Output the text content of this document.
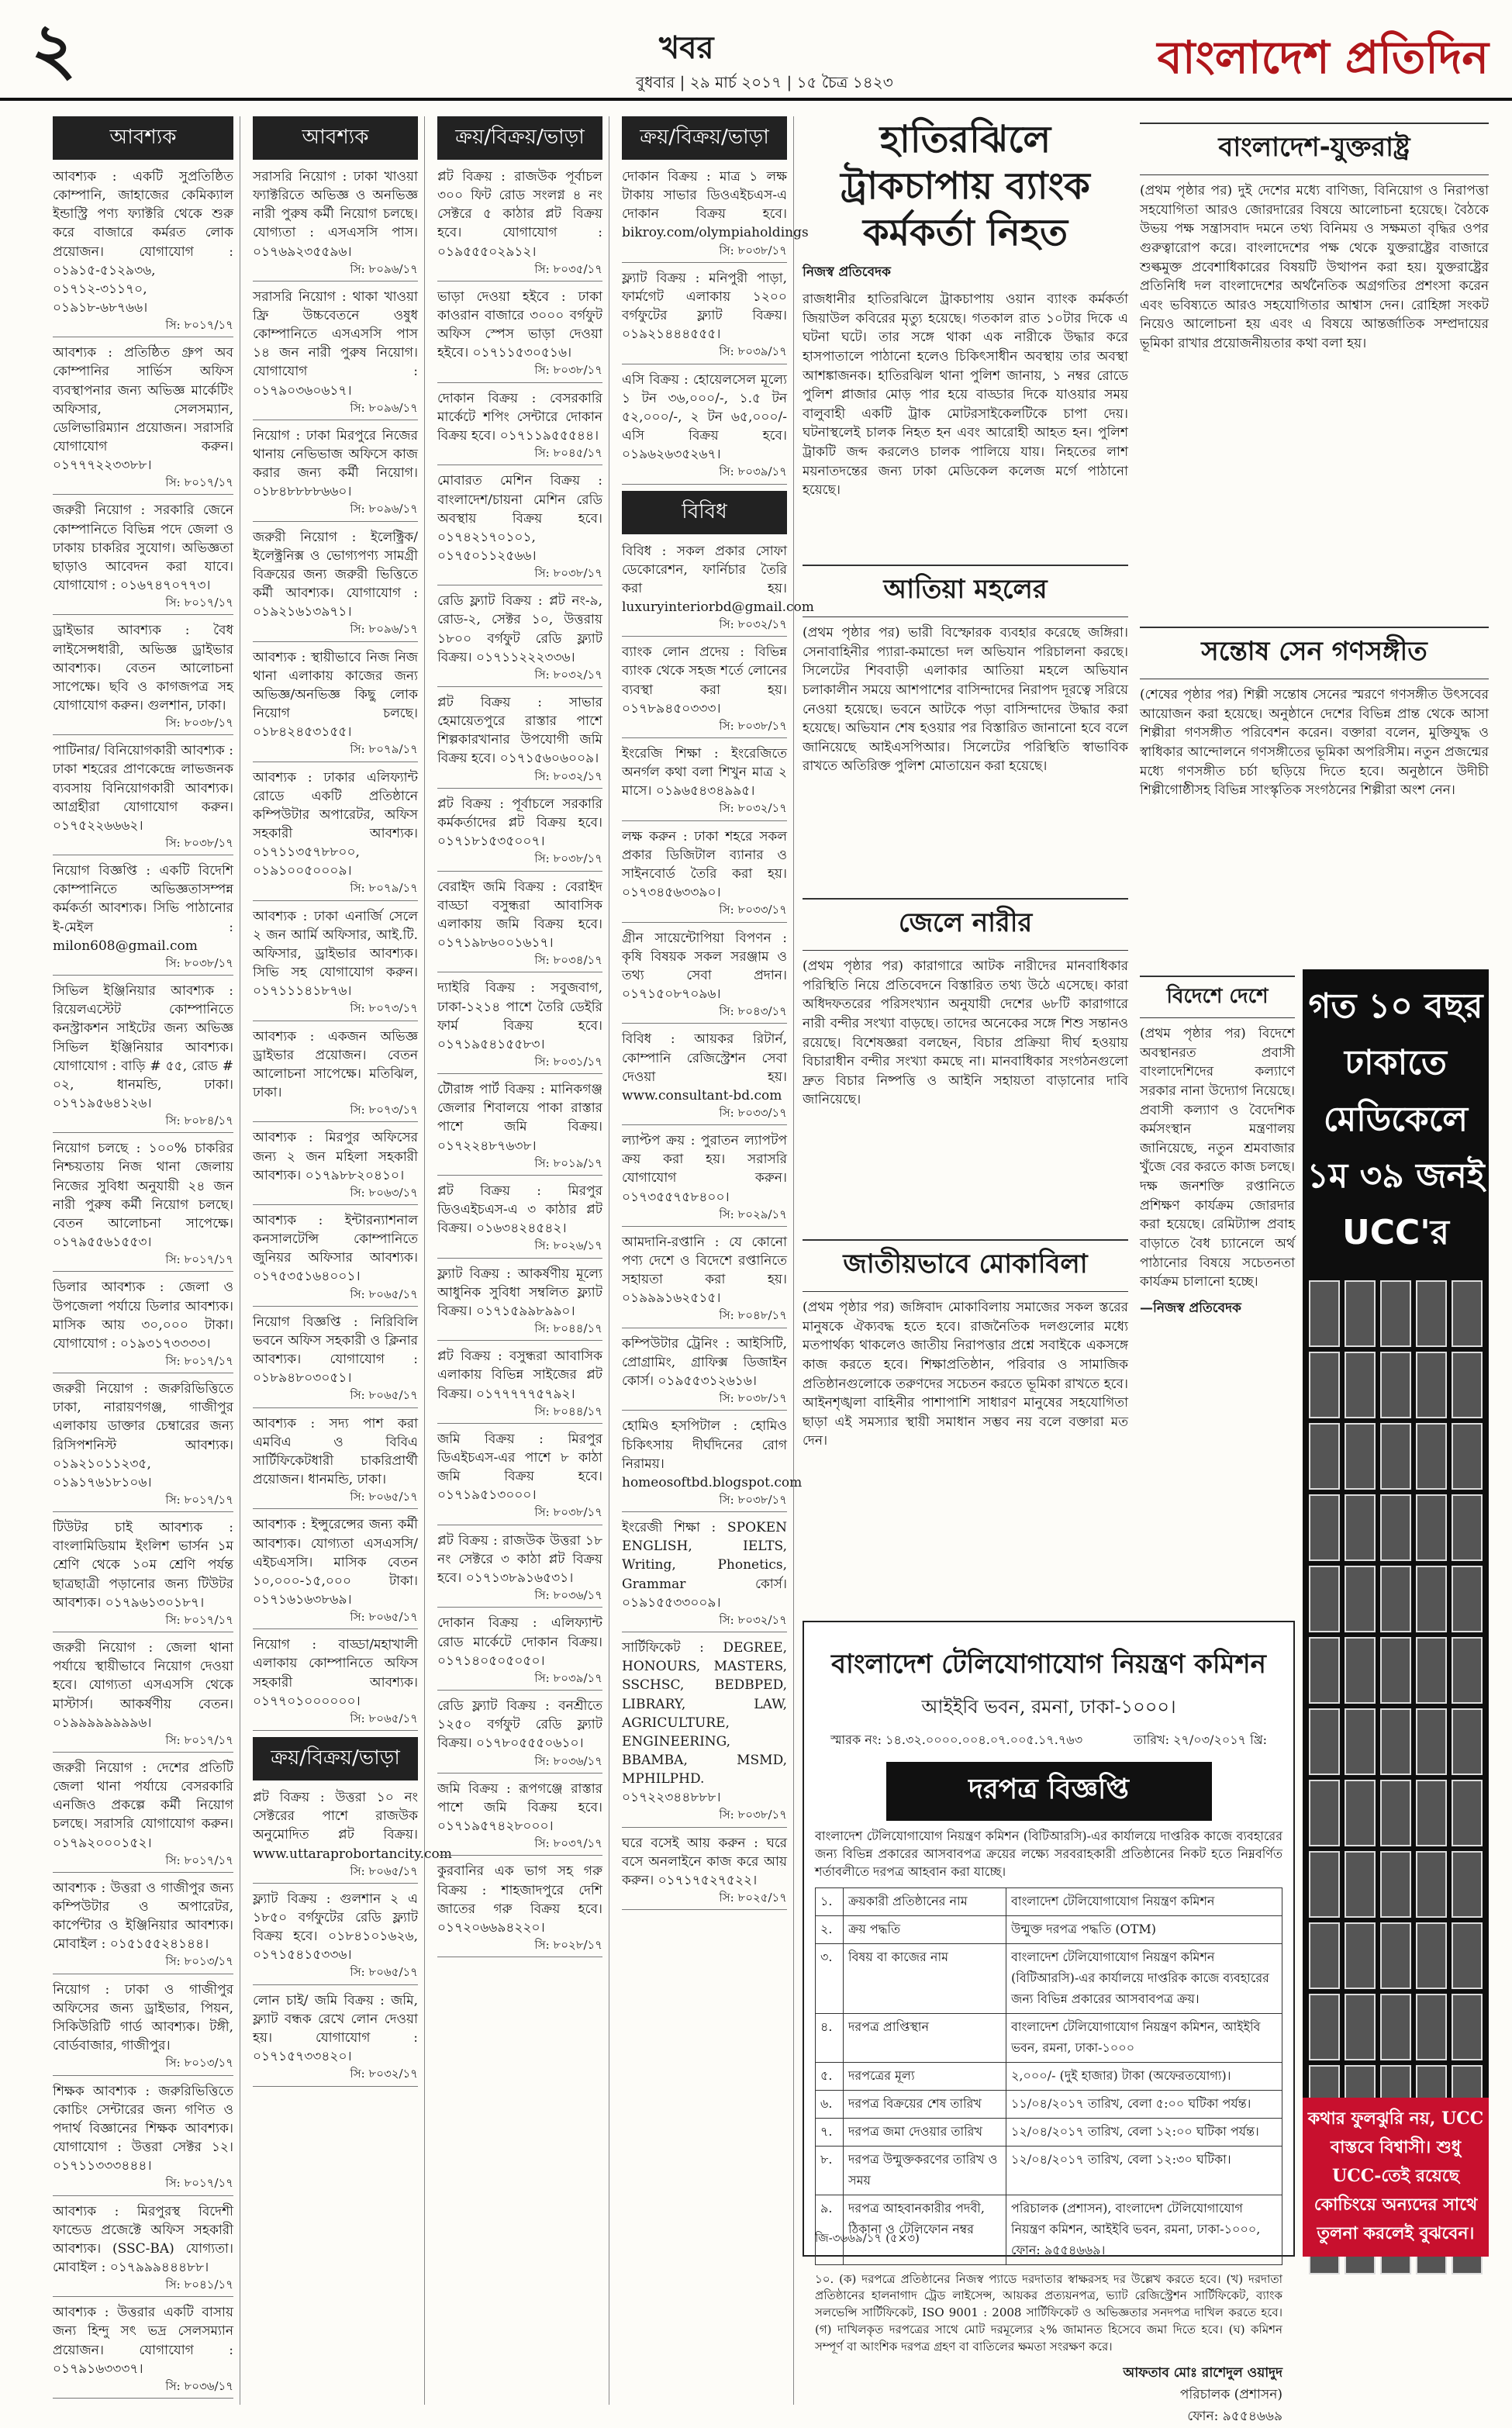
২	খবর
বুধবার | ২৯ মার্চ ২০১৭ | ১৫ চৈত্র ১৪২৩	বাংলাদেশ প্রতিদিন
আবশ্যক
আবশ্যক : একটি সুপ্রতিষ্ঠিত কোম্পানি, জাহাজের কেমিক্যাল ইন্ডাস্ট্রি পণ্য ফ্যাক্টরি থেকে শুরু করে বাজারে কর্মরত লোক প্রয়োজন। যোগাযোগ : ০১৯১৫-৫১২৯৩৬, ০১৭১২-৩১১৭০, ০১৯১৮-৬৮৭৬৬।
সি: ৮০১৭/১৭
আবশ্যক : প্রতিষ্ঠিত গ্রুপ অব কোম্পানির সার্ভিস অফিস ব্যবস্থাপনার জন্য অভিজ্ঞ মার্কেটিং অফিসার, সেলসম্যান, ডেলিভারিম্যান প্রয়োজন। সরাসরি যোগাযোগ করুন। ০১৭৭৭২২৩৩৮৮।
সি: ৮০১৭/১৭
জরুরী নিয়োগ : সরকারি জেনে কোম্পানিতে বিভিন্ন পদে জেলা ও ঢাকায় চাকরির সুযোগ। অভিজ্ঞতা ছাড়াও আবেদন করা যাবে। যোগাযোগ : ০১৬৭৪৭০৭৭৩।
সি: ৮০১৭/১৭
ড্রাইভার আবশ্যক : বৈধ লাইসেন্সধারী, অভিজ্ঞ ড্রাইভার আবশ্যক। বেতন আলোচনা সাপেক্ষে। ছবি ও কাগজপত্র সহ যোগাযোগ করুন। গুলশান, ঢাকা।
সি: ৮০৩৮/১৭
পাটিনার/ বিনিয়োগকারী আবশ্যক : ঢাকা শহরের প্রাণকেন্দ্রে লাভজনক ব্যবসায় বিনিয়োগকারী আবশ্যক। আগ্রহীরা যোগাযোগ করুন। ০১৭৫২২৬৬৬২।
সি: ৮০৩৮/১৭
নিয়োগ বিজ্ঞপ্তি : একটি বিদেশি কোম্পানিতে অভিজ্ঞতাসম্পন্ন কর্মকর্তা আবশ্যক। সিভি পাঠানোর ই-মেইল : milon608@gmail.com
সি: ৮০৩৮/১৭
সিভিল ইঞ্জিনিয়ার আবশ্যক : রিয়েলএস্টেট কোম্পানিতে কনস্ট্রাকশন সাইটের জন্য অভিজ্ঞ সিভিল ইঞ্জিনিয়ার আবশ্যক। যোগাযোগ : বাড়ি # ৫৫, রোড # ০২, ধানমন্ডি, ঢাকা। ০১৭১৯৫৬৪১২৬।
সি: ৮০৮৪/১৭
নিয়োগ চলছে : ১০০% চাকরির নিশ্চয়তায় নিজ থানা জেলায় নিজের সুবিধা অনুযায়ী ২৪ জন নারী পুরুষ কর্মী নিয়োগ চলছে। বেতন আলোচনা সাপেক্ষে। ০১৭৯৫৫৬১৫৫৩।
সি: ৮০১৭/১৭
ডিলার আবশ্যক : জেলা ও উপজেলা পর্যায়ে ডিলার আবশ্যক। মাসিক আয় ৩০,০০০ টাকা। যোগাযোগ : ০১৯৩১৭৩৩৩৩।
সি: ৮০১৭/১৭
জরুরী নিয়োগ : জরুরিভিত্তিতে ঢাকা, নারায়ণগঞ্জ, গাজীপুর এলাকায় ডাক্তার চেম্বারের জন্য রিসিপশনিস্ট আবশ্যক। ০১৯২১০১১২৩৫, ০১৯১৭৬১৮১০৬।
সি: ৮০১৭/১৭
টিউটর চাই আবশ্যক : বাংলামিডিয়াম ইংলিশ ভার্সন ১ম শ্রেণি থেকে ১০ম শ্রেণি পর্যন্ত ছাত্রছাত্রী পড়ানোর জন্য টিউটর আবশ্যক। ০১৭৯৬১৩০১৮৭।
সি: ৮০১৭/১৭
জরুরী নিয়োগ : জেলা থানা পর্যায়ে স্থায়ীভাবে নিয়োগ দেওয়া হবে। যোগ্যতা এসএসসি থেকে মাস্টার্স। আকর্ষণীয় বেতন। ০১৯৯৯৯৯৯৯৯৬।
সি: ৮০১৭/১৭
জরুরী নিয়োগ : দেশের প্রতিটি জেলা থানা পর্যায়ে বেসরকারি এনজিও প্রকল্পে কর্মী নিয়োগ চলছে। সরাসরি যোগাযোগ করুন। ০১৭৯২০০০১৫২।
সি: ৮০১৭/১৭
আবশ্যক : উত্তরা ও গাজীপুর জন্য কম্পিউটার ও অপারেটর, কার্পেন্টার ও ইঞ্জিনিয়ার আবশ্যক। মোবাইল : ০১৫১৫৫২৪১৪৪।
সি: ৮০১৩/১৭
নিয়োগ : ঢাকা ও গাজীপুর অফিসের জন্য ড্রাইভার, পিয়ন, সিকিউরিটি গার্ড আবশ্যক। টঙ্গী, বোর্ডবাজার, গাজীপুর।
সি: ৮০১৩/১৭
শিক্ষক আবশ্যক : জরুরিভিত্তিতে কোচিং সেন্টারের জন্য গণিত ও পদার্থ বিজ্ঞানের শিক্ষক আবশ্যক। যোগাযোগ : উত্তরা সেক্টর ১২। ০১৭১১৩৩৩৪৪৪।
সি: ৮০১৭/১৭
আবশ্যক : মিরপুরস্থ বিদেশী ফান্ডেড প্রজেক্টে অফিস সহকারী আবশ্যক। (SSC-BA) যোগ্যতা। মোবাইল : ০১৭৯৯৯৪৪৪৮৮।
সি: ৮০৪১/১৭
আবশ্যক : উত্তরার একটি বাসায় জন্য হিন্দু সৎ ভদ্র সেলসম্যান প্রয়োজন। যোগাযোগ : ০১৭৯১৬৩৩৩৭।
সি: ৮০৩৬/১৭
আবশ্যক
সরাসরি নিয়োগ : ঢাকা খাওয়া ফ্যাক্টরিতে অভিজ্ঞ ও অনভিজ্ঞ নারী পুরুষ কর্মী নিয়োগ চলছে। যোগ্যতা : এসএসসি পাস। ০১৭৬৯২৩৫৫৯৬।
সি: ৮০৯৬/১৭
সরাসরি নিয়োগ : থাকা খাওয়া ফ্রি উচ্চবেতনে ওষুধ কোম্পানিতে এসএসসি পাস ১৪ জন নারী পুরুষ নিয়োগ। যোগাযোগ : ০১৭৯০৩৬০৬১৭।
সি: ৮০৯৬/১৭
নিয়োগ : ঢাকা মিরপুরে নিজের থানায় নেভিভাজ অফিসে কাজ করার জন্য কর্মী নিয়োগ। ০১৮৪৮৮৮৮৬৬০।
সি: ৮০৯৬/১৭
জরুরী নিয়োগ : ইলেক্ট্রিক/ইলেক্ট্রনিক্স ও ভোগ্যপণ্য সামগ্রী বিক্রয়ের জন্য জরুরী ভিত্তিতে কর্মী আবশ্যক। যোগাযোগ : ০১৯২১৬১৩৯৭১।
সি: ৮০৯৬/১৭
আবশ্যক : স্থায়ীভাবে নিজ নিজ থানা এলাকায় কাজের জন্য অভিজ্ঞ/অনভিজ্ঞ কিছু লোক নিয়োগ চলছে। ০১৮৪২৪৫৩১৫৫।
সি: ৮০৭৯/১৭
আবশ্যক : ঢাকার এলিফ্যান্ট রোডে একটি প্রতিষ্ঠানে কম্পিউটার অপারেটর, অফিস সহকারী আবশ্যক। ০১৭১১৩৫৭৮৮০০, ০১৯১০০৫০০০৯।
সি: ৮০৭৯/১৭
আবশ্যক : ঢাকা এনার্জি সেলে ২ জন আর্মি অফিসার, আই.টি. অফিসার, ড্রাইভার আবশ্যক। সিভি সহ যোগাযোগ করুন। ০১৭১১১৪১৮৭৬।
সি: ৮০৭৩/১৭
আবশ্যক : একজন অভিজ্ঞ ড্রাইভার প্রয়োজন। বেতন আলোচনা সাপেক্ষে। মতিঝিল, ঢাকা।
সি: ৮০৭৩/১৭
আবশ্যক : মিরপুর অফিসের জন্য ২ জন মহিলা সহকারী আবশ্যক। ০১৭৯৮৮২০৪১০।
সি: ৮০৬৩/১৭
আবশ্যক : ইন্টারন্যাশনাল কনসালটেন্সি কোম্পানিতে জুনিয়র অফিসার আবশ্যক। ০১৭৫৩৫১৬৪০০১।
সি: ৮০৬৫/১৭
নিয়োগ বিজ্ঞপ্তি : নিরিবিলি ভবনে অফিস সহকারী ও ক্লিনার আবশ্যক। যোগাযোগ : ০১৮৯৪৮০৩০৫১।
সি: ৮০৬৫/১৭
আবশ্যক : সদ্য পাশ করা এমবিএ ও বিবিএ সার্টিফিকেটধারী চাকরিপ্রার্থী প্রয়োজন। ধানমন্ডি, ঢাকা।
সি: ৮০৬৫/১৭
আবশ্যক : ইন্সুরেন্সের জন্য কর্মী আবশ্যক। যোগ্যতা এসএসসি/এইচএসসি। মাসিক বেতন ১০,০০০-১৫,০০০ টাকা। ০১৭১৬১৬৩৮৬৯।
সি: ৮০৬৫/১৭
নিয়োগ : বাড্ডা/মহাখালী এলাকায় কোম্পানিতে অফিস সহকারী আবশ্যক। ০১৭৭০১০০০০০০।
সি: ৮০৬৫/১৭
ক্রয়/বিক্রয়/ভাড়া
প্লট বিক্রয় : উত্তরা ১০ নং সেক্টরের পাশে রাজউক অনুমোদিত প্লট বিক্রয়। www.uttaraprobortancity.com
সি: ৮০৬৫/১৭
ফ্ল্যাট বিক্রয় : গুলশান ২ এ ১৮৫০ বর্গফুটের রেডি ফ্ল্যাট বিক্রয় হবে। ০১৮৪১০১৬২৬, ০১৭১৫৪১৫৩৩৬।
সি: ৮০৬৫/১৭
লোন চাই/ জমি বিক্রয় : জমি, ফ্ল্যাট বন্ধক রেখে লোন দেওয়া হয়। যোগাযোগ : ০১৭১৫৭৩৩৪২০।
সি: ৮০৩২/১৭
ক্রয়/বিক্রয়/ভাড়া
প্লট বিক্রয় : রাজউক পূর্বাচল ৩০০ ফিট রোড সংলগ্ন ৪ নং সেক্টরে ৫ কাঠার প্লট বিক্রয় হবে। যোগাযোগ : ০১৯৫৫৫০২৯১২।
সি: ৮০৩৫/১৭
ভাড়া দেওয়া হইবে : ঢাকা কাওরান বাজারে ৩০০০ বর্গফুট অফিস স্পেস ভাড়া দেওয়া হইবে। ০১৭১১৫৩০৫১৬।
সি: ৮০৩৮/১৭
দোকান বিক্রয় : বেসরকারি মার্কেটে শপিং সেন্টারে দোকান বিক্রয় হবে। ০১৭১১৯৫৫৫৪৪।
সি: ৮০৪৫/১৭
মোবারত মেশিন বিক্রয় : বাংলাদেশ/চায়না মেশিন রেডি অবস্থায় বিক্রয় হবে। ০১৭৪২১৭০১০১, ০১৭৫০১১২৫৬৬।
সি: ৮০৩৮/১৭
রেডি ফ্ল্যাট বিক্রয় : প্লট নং-৯, রোড-২, সেক্টর ১০, উত্তরায় ১৮০০ বর্গফুট রেডি ফ্ল্যাট বিক্রয়। ০১৭১১২২২৩৩৬।
সি: ৮০৩২/১৭
প্লট বিক্রয় : সাভার হেমায়েতপুরে রাস্তার পাশে শিল্পকারখানার উপযোগী জমি বিক্রয় হবে। ০১৭১৫৬০৬০০৯।
সি: ৮০৩২/১৭
প্লট বিক্রয় : পূর্বাচলে সরকারি কর্মকর্তাদের প্লট বিক্রয় হবে। ০১৭১৮১৫৩৫০০৭।
সি: ৮০৩৮/১৭
বেরাইদ জমি বিক্রয় : বেরাইদ বাড্ডা বসুন্ধরা আবাসিক এলাকায় জমি বিক্রয় হবে। ০১৭১৯৮৬০০১৬১৭।
সি: ৮০৩৪/১৭
দ্যাইরি বিক্রয় : সবুজবাগ, ঢাকা-১২১৪ পাশে তৈরি ডেইরি ফার্ম বিক্রয় হবে। ০১৭১৯৫৪১৫৫৮৩।
সি: ৮০৩১/১৭
টৌরাঙ্গ পার্ট বিক্রয় : মানিকগঞ্জ জেলার শিবালয়ে পাকা রাস্তার পাশে জমি বিক্রয়। ০১৭২২৪৮৭৬৩৮।
সি: ৮০১৯/১৭
প্লট বিক্রয় : মিরপুর ডিওএইচএস-এ ৩ কাঠার প্লট বিক্রয়। ০১৬৩৪২৪৫৪২।
সি: ৮০২৬/১৭
ফ্ল্যাট বিক্রয় : আকর্ষণীয় মূল্যে আধুনিক সুবিধা সম্বলিত ফ্ল্যাট বিক্রয়। ০১৭১৫৯৯৮৯৯০।
সি: ৮০৪৪/১৭
প্লট বিক্রয় : বসুন্ধরা আবাসিক এলাকায় বিভিন্ন সাইজের প্লট বিক্রয়। ০১৭৭৭৭৭৫৭৯২।
সি: ৮০৪৪/১৭
জমি বিক্রয় : মিরপুর ডিএইচএস-এর পাশে ৮ কাঠা জমি বিক্রয় হবে। ০১৭১৯৫১৩০০০।
সি: ৮০৩৮/১৭
প্লট বিক্রয় : রাজউক উত্তরা ১৮ নং সেক্টরে ৩ কাঠা প্লট বিক্রয় হবে। ০১৭১৩৮৯১৬৫৩১।
সি: ৮০৩৬/১৭
দোকান বিক্রয় : এলিফ্যান্ট রোড মার্কেটে দোকান বিক্রয়। ০১৭১৪০৫০৫০৫০।
সি: ৮০৩৯/১৭
রেডি ফ্ল্যাট বিক্রয় : বনশ্রীতে ১২৫০ বর্গফুট রেডি ফ্ল্যাট বিক্রয়। ০১৭৮০৫৫৫০৬১০।
সি: ৮০৩৬/১৭
জমি বিক্রয় : রূপগঞ্জে রাস্তার পাশে জমি বিক্রয় হবে। ০১৭১৯৫৭৪২৮০০০।
সি: ৮০৩৭/১৭
কুরবানির এক ভাগ সহ গরু বিক্রয় : শাহজাদপুরে দেশি জাতের গরু বিক্রয় হবে। ০১৭২০৬৬৯৪২২০।
সি: ৮০২৮/১৭
ক্রয়/বিক্রয়/ভাড়া
দোকান বিক্রয় : মাত্র ১ লক্ষ টাকায় সাভার ডিওএইচএস-এ দোকান বিক্রয় হবে। bikroy.com/olympiaholdings
সি: ৮০৩৮/১৭
ফ্ল্যাট বিক্রয় : মনিপুরী পাড়া, ফার্মগেট এলাকায় ১২০০ বর্গফুটের ফ্ল্যাট বিক্রয়। ০১৯২১৪৪৪৫৫৫।
সি: ৮০৩৯/১৭
এসি বিক্রয় : হোয়েলসেল মূল্যে ১ টন ৩৬,০০০/-, ১.৫ টন ৫২,০০০/-, ২ টন ৬৫,০০০/- এসি বিক্রয় হবে। ০১৯৬২৬৩৫২৬৭।
সি: ৮০৩৯/১৭
বিবিধ
বিবিধ : সকল প্রকার সোফা ডেকোরেশন, ফার্নিচার তৈরি করা হয়। luxuryinteriorbd@gmail.com
সি: ৮০৩২/১৭
ব্যাংক লোন প্রদেয় : বিভিন্ন ব্যাংক থেকে সহজ শর্তে লোনের ব্যবস্থা করা হয়। ০১৭৮৯৪৫০৩৩৩।
সি: ৮০৩৮/১৭
ইংরেজি শিক্ষা : ইংরেজিতে অনর্গল কথা বলা শিখুন মাত্র ২ মাসে। ০১৯৬৫৪৩৪৯৯৫।
সি: ৮০৩২/১৭
লক্ষ করুন : ঢাকা শহরে সকল প্রকার ডিজিটাল ব্যানার ও সাইনবোর্ড তৈরি করা হয়। ০১৭৩৪৫৬৩৩৯০।
সি: ৮০৩৩/১৭
গ্রীন সায়েন্টোপিয়া বিপণন : কৃষি বিষয়ক সকল সরঞ্জাম ও তথ্য সেবা প্রদান। ০১৭১৫০৮৭০৯৬।
সি: ৮০৪৩/১৭
বিবিধ : আয়কর রিটার্ন, কোম্পানি রেজিস্ট্রেশন সেবা দেওয়া হয়। www.consultant-bd.com
সি: ৮০৩৩/১৭
ল্যাপ্টপ ক্রয় : পুরাতন ল্যাপটপ ক্রয় করা হয়। সরাসরি যোগাযোগ করুন। ০১৭৩৫৫৭৫৮৪০০।
সি: ৮০২৯/১৭
আমদানি-রপ্তানি : যে কোনো পণ্য দেশে ও বিদেশে রপ্তানিতে সহায়তা করা হয়। ০১৯৯৯১৬২৫১৫।
সি: ৮০৪৮/১৭
কম্পিউটার ট্রেনিং : আইসিটি, প্রোগ্রামিং, গ্রাফিক্স ডিজাইন কোর্স। ০১৯৫৫৩১২৬১৬।
সি: ৮০৩৮/১৭
হোমিও হসপিটাল : হোমিও চিকিৎসায় দীর্ঘদিনের রোগ নিরাময়। homeosoftbd.blogspot.com
সি: ৮০৩৮/১৭
ইংরেজী শিক্ষা : SPOKEN ENGLISH, IELTS, Writing, Phonetics, Grammar কোর্স। ০১৯১৫৫৩৩০০৯।
সি: ৮০৩২/১৭
সার্টিফিকেট : DEGREE, HONOURS, MASTERS, SSCHSC, BEDBPED, LIBRARY, LAW, AGRICULTURE, ENGINEERING, BBAMBA, MSMD, MPHILPHD. ০১৭২২৩৪৪৮৮৮।
সি: ৮০৩৮/১৭
ঘরে বসেই আয় করুন : ঘরে বসে অনলাইনে কাজ করে আয় করুন। ০১৭১৭৫২৭৫২২।
সি: ৮০২৫/১৭
হাতিরঝিলে ট্রাকচাপায় ব্যাংক কর্মকর্তা নিহত
নিজস্ব প্রতিবেদক
রাজধানীর হাতিরঝিলে ট্রাকচাপায় ওয়ান ব্যাংক কর্মকর্তা জিয়াউল কবিরের মৃত্যু হয়েছে। গতকাল রাত ১০টার দিকে এ ঘটনা ঘটে। তার সঙ্গে থাকা এক নারীকে উদ্ধার করে হাসপাতালে পাঠানো হলেও চিকিৎসাধীন অবস্থায় তার অবস্থা আশঙ্কাজনক। হাতিরঝিল থানা পুলিশ জানায়, ১ নম্বর রোডে পুলিশ প্লাজার মোড় পার হয়ে বাড্ডার দিকে যাওয়ার সময় বালুবাহী একটি ট্রাক মোটরসাইকেলটিকে চাপা দেয়। ঘটনাস্থলেই চালক নিহত হন এবং আরোহী আহত হন। পুলিশ ট্রাকটি জব্দ করলেও চালক পালিয়ে যায়। নিহতের লাশ ময়নাতদন্তের জন্য ঢাকা মেডিকেল কলেজ মর্গে পাঠানো হয়েছে।
আতিয়া মহলের
(প্রথম পৃষ্ঠার পর) ভারী বিস্ফোরক ব্যবহার করেছে জঙ্গিরা। সেনাবাহিনীর প্যারা-কমান্ডো দল অভিযান পরিচালনা করছে। সিলেটের শিববাড়ী এলাকার আতিয়া মহলে অভিযান চলাকালীন সময়ে আশপাশের বাসিন্দাদের নিরাপদ দূরত্বে সরিয়ে নেওয়া হয়েছে। ভবনে আটকে পড়া বাসিন্দাদের উদ্ধার করা হয়েছে। অভিযান শেষ হওয়ার পর বিস্তারিত জানানো হবে বলে জানিয়েছে আইএসপিআর। সিলেটের পরিস্থিতি স্বাভাবিক রাখতে অতিরিক্ত পুলিশ মোতায়েন করা হয়েছে।
জেলে নারীর
(প্রথম পৃষ্ঠার পর) কারাগারে আটক নারীদের মানবাধিকার পরিস্থিতি নিয়ে প্রতিবেদনে বিস্তারিত তথ্য উঠে এসেছে। কারা অধিদফতরের পরিসংখ্যান অনুযায়ী দেশের ৬৮টি কারাগারে নারী বন্দীর সংখ্যা বাড়ছে। তাদের অনেকের সঙ্গে শিশু সন্তানও রয়েছে। বিশেষজ্ঞরা বলছেন, বিচার প্রক্রিয়া দীর্ঘ হওয়ায় বিচারাধীন বন্দীর সংখ্যা কমছে না। মানবাধিকার সংগঠনগুলো দ্রুত বিচার নিষ্পত্তি ও আইনি সহায়তা বাড়ানোর দাবি জানিয়েছে।
জাতীয়ভাবে মোকাবিলা
(প্রথম পৃষ্ঠার পর) জঙ্গিবাদ মোকাবিলায় সমাজের সকল স্তরের মানুষকে ঐক্যবদ্ধ হতে হবে। রাজনৈতিক দলগুলোর মধ্যে মতপার্থক্য থাকলেও জাতীয় নিরাপত্তার প্রশ্নে সবাইকে একসঙ্গে কাজ করতে হবে। শিক্ষাপ্রতিষ্ঠান, পরিবার ও সামাজিক প্রতিষ্ঠানগুলোকে তরুণদের সচেতন করতে ভূমিকা রাখতে হবে। আইনশৃঙ্খলা বাহিনীর পাশাপাশি সাধারণ মানুষের সহযোগিতা ছাড়া এই সমস্যার স্থায়ী সমাধান সম্ভব নয় বলে বক্তারা মত দেন।
বাংলাদেশ-যুক্তরাষ্ট্র
(প্রথম পৃষ্ঠার পর) দুই দেশের মধ্যে বাণিজ্য, বিনিয়োগ ও নিরাপত্তা সহযোগিতা আরও জোরদারের বিষয়ে আলোচনা হয়েছে। বৈঠকে উভয় পক্ষ সন্ত্রাসবাদ দমনে তথ্য বিনিময় ও সক্ষমতা বৃদ্ধির ওপর গুরুত্বারোপ করে। বাংলাদেশের পক্ষ থেকে যুক্তরাষ্ট্রের বাজারে শুল্কমুক্ত প্রবেশাধিকারের বিষয়টি উত্থাপন করা হয়। যুক্তরাষ্ট্রের প্রতিনিধি দল বাংলাদেশের অর্থনৈতিক অগ্রগতির প্রশংসা করেন এবং ভবিষ্যতে আরও সহযোগিতার আশ্বাস দেন। রোহিঙ্গা সংকট নিয়েও আলোচনা হয় এবং এ বিষয়ে আন্তর্জাতিক সম্প্রদায়ের ভূমিকা রাখার প্রয়োজনীয়তার কথা বলা হয়।
সন্তোষ সেন গণসঙ্গীত
(শেষের পৃষ্ঠার পর) শিল্পী সন্তোষ সেনের স্মরণে গণসঙ্গীত উৎসবের আয়োজন করা হয়েছে। অনুষ্ঠানে দেশের বিভিন্ন প্রান্ত থেকে আসা শিল্পীরা গণসঙ্গীত পরিবেশন করেন। বক্তারা বলেন, মুক্তিযুদ্ধ ও স্বাধিকার আন্দোলনে গণসঙ্গীতের ভূমিকা অপরিসীম। নতুন প্রজন্মের মধ্যে গণসঙ্গীত চর্চা ছড়িয়ে দিতে হবে। অনুষ্ঠানে উদীচী শিল্পীগোষ্ঠীসহ বিভিন্ন সাংস্কৃতিক সংগঠনের শিল্পীরা অংশ নেন।
বিদেশে দেশে
(প্রথম পৃষ্ঠার পর) বিদেশে অবস্থানরত প্রবাসী বাংলাদেশিদের কল্যাণে সরকার নানা উদ্যোগ নিয়েছে। প্রবাসী কল্যাণ ও বৈদেশিক কর্মসংস্থান মন্ত্রণালয় জানিয়েছে, নতুন শ্রমবাজার খুঁজে বের করতে কাজ চলছে। দক্ষ জনশক্তি রপ্তানিতে প্রশিক্ষণ কার্যক্রম জোরদার করা হয়েছে। রেমিট্যান্স প্রবাহ বাড়াতে বৈধ চ্যানেলে অর্থ পাঠানোর বিষয়ে সচেতনতা কার্যক্রম চালানো হচ্ছে।
—নিজস্ব প্রতিবেদক
গত ১০ বছর ঢাকাতে মেডিকেলে ১ম ৩৯ জনই UCC'র
কথার ফুলঝুরি নয়, UCC বাস্তবে বিশ্বাসী। শুধু UCC-তেই রয়েছে কোচিংয়ে অন্যদের সাথে তুলনা করলেই বুঝবেন।
বাংলাদেশ টেলিযোগাযোগ নিয়ন্ত্রণ কমিশন
আইইবি ভবন, রমনা, ঢাকা-১০০০।
স্মারক নং: ১৪.৩২.০০০০.০০৪.০৭.০০৫.১৭.৭৬৩	তারিখ: ২৭/০৩/২০১৭ খ্রি:
দরপত্র বিজ্ঞপ্তি
বাংলাদেশ টেলিযোগাযোগ নিয়ন্ত্রণ কমিশন (বিটিআরসি)-এর কার্যালয়ে দাপ্তরিক কাজে ব্যবহারের জন্য বিভিন্ন প্রকারের আসবাবপত্র ক্রয়ের লক্ষ্যে সরবরাহকারী প্রতিষ্ঠানের নিকট হতে নিম্নবর্ণিত শর্তাবলীতে দরপত্র আহবান করা যাচ্ছে।
১.	ক্রয়কারী প্রতিষ্ঠানের নাম	বাংলাদেশ টেলিযোগাযোগ নিয়ন্ত্রণ কমিশন
২.	ক্রয় পদ্ধতি	উন্মুক্ত দরপত্র পদ্ধতি (OTM)
৩.	বিষয় বা কাজের নাম	বাংলাদেশ টেলিযোগাযোগ নিয়ন্ত্রণ কমিশন (বিটিআরসি)-এর কার্যালয়ে দাপ্তরিক কাজে ব্যবহারের জন্য বিভিন্ন প্রকারের আসবাবপত্র ক্রয়।
৪.	দরপত্র প্রাপ্তিস্থান	বাংলাদেশ টেলিযোগাযোগ নিয়ন্ত্রণ কমিশন, আইইবি ভবন, রমনা, ঢাকা-১০০০
৫.	দরপত্রের মূল্য	২,০০০/- (দুই হাজার) টাকা (অফেরতযোগ্য)।
৬.	দরপত্র বিক্রয়ের শেষ তারিখ	১১/০৪/২০১৭ তারিখ, বেলা ৫:০০ ঘটিকা পর্যন্ত।
৭.	দরপত্র জমা দেওয়ার তারিখ	১২/০৪/২০১৭ তারিখ, বেলা ১২:০০ ঘটিকা পর্যন্ত।
৮.	দরপত্র উন্মুক্তকরণের তারিখ ও সময়	১২/০৪/২০১৭ তারিখ, বেলা ১২:৩০ ঘটিকা।
৯.	দরপত্র আহবানকারীর পদবী, ঠিকানা ও টেলিফোন নম্বর	পরিচালক (প্রশাসন), বাংলাদেশ টেলিযোগাযোগ নিয়ন্ত্রণ কমিশন, আইইবি ভবন, রমনা, ঢাকা-১০০০, ফোন: ৯৫৫৪৬৬৯।
১০. (ক) দরপত্রে প্রতিষ্ঠানের নিজস্ব প্যাডে দরদাতার স্বাক্ষরসহ দর উল্লেখ করতে হবে। (খ) দরদাতা প্রতিষ্ঠানের হালনাগাদ ট্রেড লাইসেন্স, আয়কর প্রত্যয়নপত্র, ভ্যাট রেজিস্ট্রেশন সার্টিফিকেট, ব্যাংক সলভেন্সি সার্টিফিকেট, ISO 9001 : 2008 সার্টিফিকেট ও অভিজ্ঞতার সনদপত্র দাখিল করতে হবে। (গ) দাখিলকৃত দরপত্রের সাথে মোট দরমূল্যের ২% জামানত হিসেবে জমা দিতে হবে। (ঘ) কমিশন সম্পূর্ণ বা আংশিক দরপত্র গ্রহণ বা বাতিলের ক্ষমতা সংরক্ষণ করে।
আফতাব মোঃ রাশেদুল ওয়াদুদ
পরিচালক (প্রশাসন)
ফোন: ৯৫৫৪৬৬৯
জি-৩৬৬৯/১৭ (৫×৩)
